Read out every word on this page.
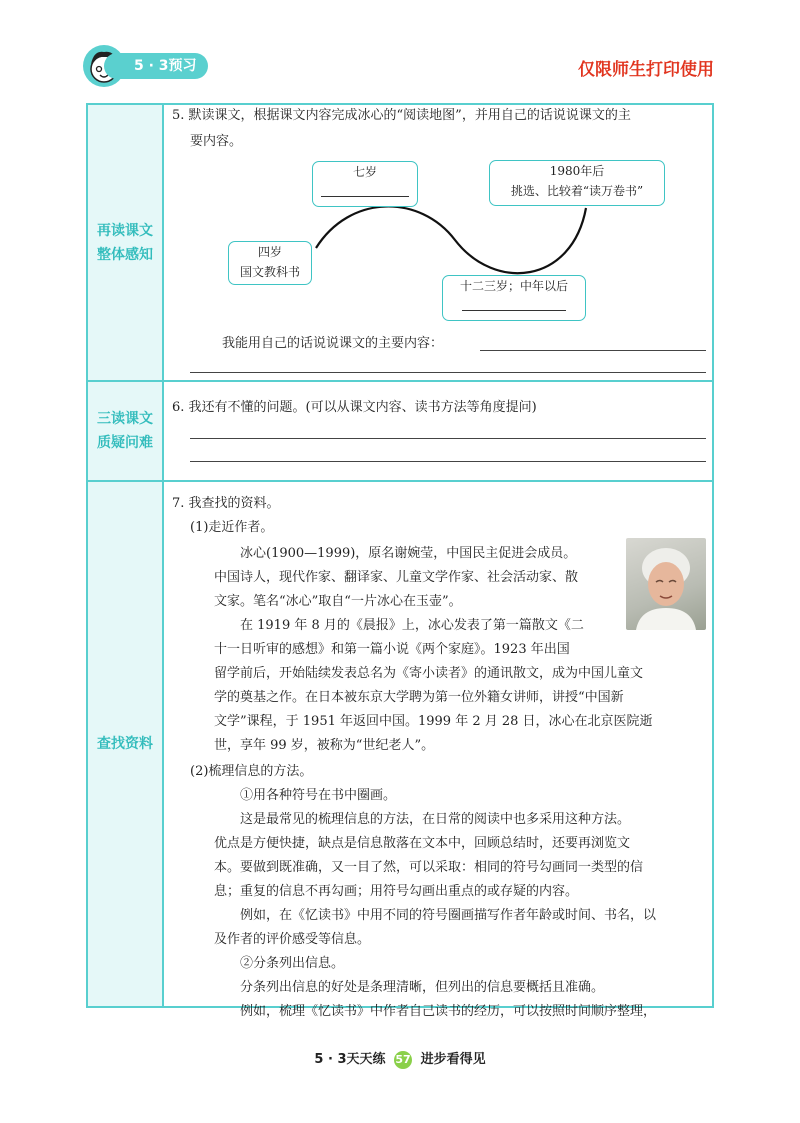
5 · 3预习单
仅限师生打印使用
再读课文
整体感知
三读课文
质疑问难
查找资料
5. 默读课文，根据课文内容完成冰心的“阅读地图”，并用自己的话说说课文的主
要内容。
七岁	1980年后
挑选、比较着“读万卷书”
四岁
国文教科书
十二三岁；中年以后
我能用自己的话说说课文的主要内容：
6. 我还有不懂的问题。(可以从课文内容、读书方法等角度提问)
7. 我查找的资料。
(1)走近作者。
冰心(1900—1999)，原名谢婉莹，中国民主促进会成员。
中国诗人，现代作家、翻译家、儿童文学作家、社会活动家、散
文家。笔名“冰心”取自“一片冰心在玉壶”。
在 1919 年 8 月的《晨报》上，冰心发表了第一篇散文《二
十一日听审的感想》和第一篇小说《两个家庭》。1923 年出国
留学前后，开始陆续发表总名为《寄小读者》的通讯散文，成为中国儿童文
学的奠基之作。在日本被东京大学聘为第一位外籍女讲师，讲授“中国新
文学”课程，于 1951 年返回中国。1999 年 2 月 28 日，冰心在北京医院逝
世，享年 99 岁，被称为“世纪老人”。
(2)梳理信息的方法。
①用各种符号在书中圈画。
这是最常见的梳理信息的方法，在日常的阅读中也多采用这种方法。
优点是方便快捷，缺点是信息散落在文本中，回顾总结时，还要再浏览文
本。要做到既准确，又一目了然，可以采取：相同的符号勾画同一类型的信
息；重复的信息不再勾画；用符号勾画出重点的或存疑的内容。
例如，在《忆读书》中用不同的符号圈画描写作者年龄或时间、书名，以
及作者的评价感受等信息。
②分条列出信息。
分条列出信息的好处是条理清晰，但列出的信息要概括且准确。
例如，梳理《忆读书》中作者自己读书的经历，可以按照时间顺序整理，
5 · 3天天练 57 进步看得见
